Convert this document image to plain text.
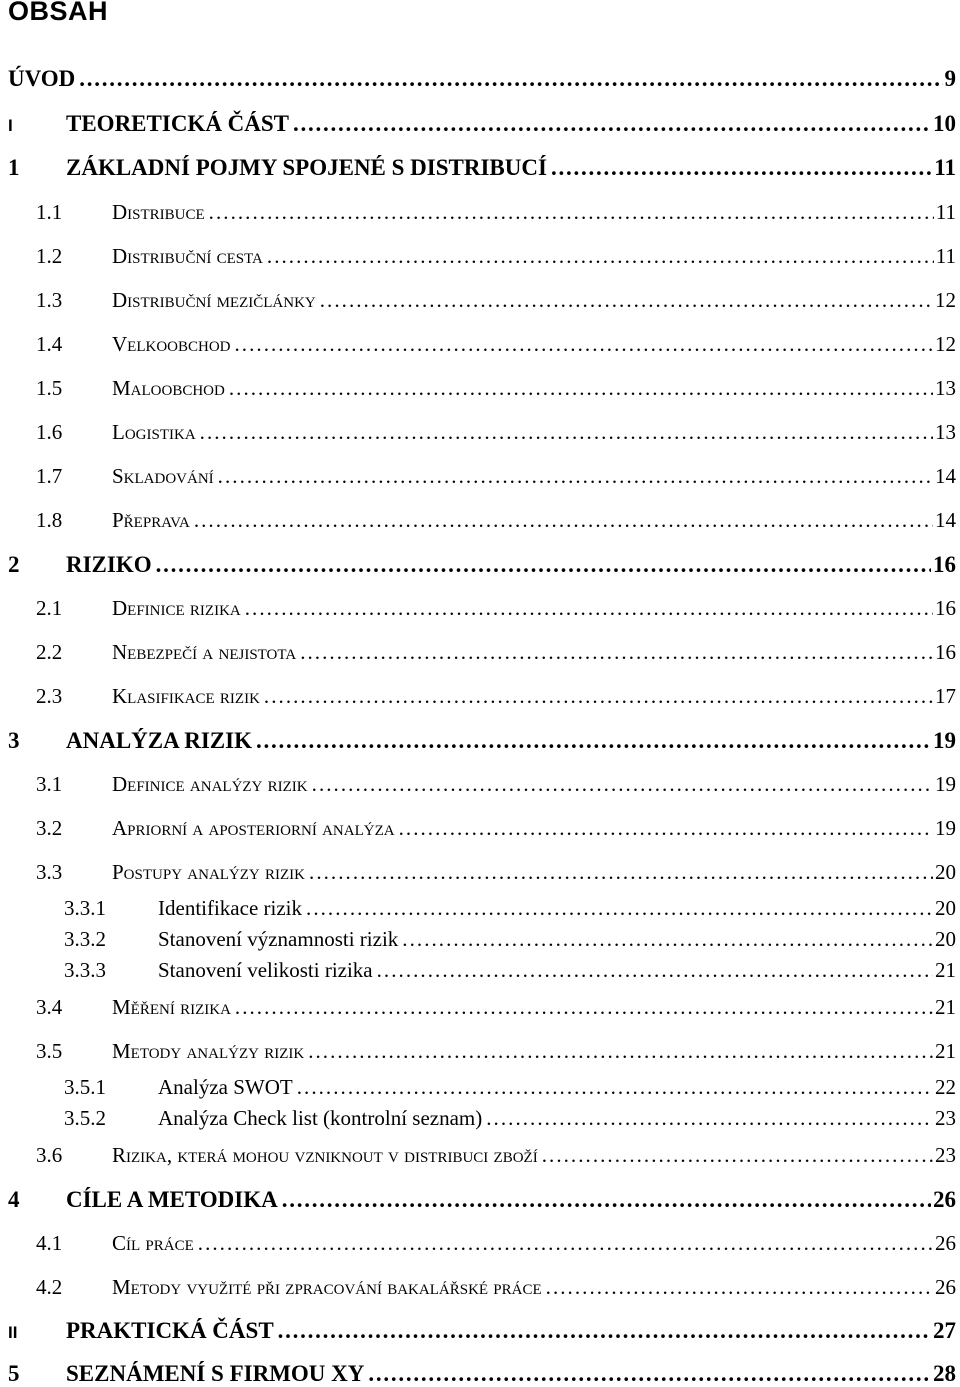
OBSAH
ÚVOD . . .	9
I	TEORETICKÁ ČÁST . . .	10
1	ZÁKLADNÍ POJMY SPOJENÉ S DISTRIBUCÍ . . .	11
1.1	Distribuce . . .	11
1.2	Distribuční cesta . . .	11
1.3	Distribuční mezičlánky . . .	12
1.4	Velkoobchod . . .	12
1.5	Maloobchod . . .	13
1.6	Logistika . . .	13
1.7	Skladování . . .	14
1.8	Přeprava . . .	14
2	RIZIKO . . .	16
2.1	Definice rizika . . .	16
2.2	Nebezpečí a nejistota . . .	16
2.3	Klasifikace rizik . . .	17
3	ANALÝZA RIZIK . . .	19
3.1	Definice analýzy rizik . . .	19
3.2	Apriorní a aposteriorní analýza . . .	19
3.3	Postupy analýzy rizik . . .	20
3.3.1	Identifikace rizik . . .	20
3.3.2	Stanovení významnosti rizik . . .	20
3.3.3	Stanovení velikosti rizika . . .	21
3.4	Měření rizika . . .	21
3.5	Metody analýzy rizik . . .	21
3.5.1	Analýza SWOT . . .	22
3.5.2	Analýza Check list (kontrolní seznam) . . .	23
3.6	Rizika, která mohou vzniknout v distribuci zboží . . .	23
4	CÍLE A METODIKA . . .	26
4.1	Cíl práce . . .	26
4.2	Metody využité při zpracování bakalářské práce . . .	26
II	PRAKTICKÁ ČÁST . . .	27
5	SEZNÁMENÍ S FIRMOU XY . . .	28
